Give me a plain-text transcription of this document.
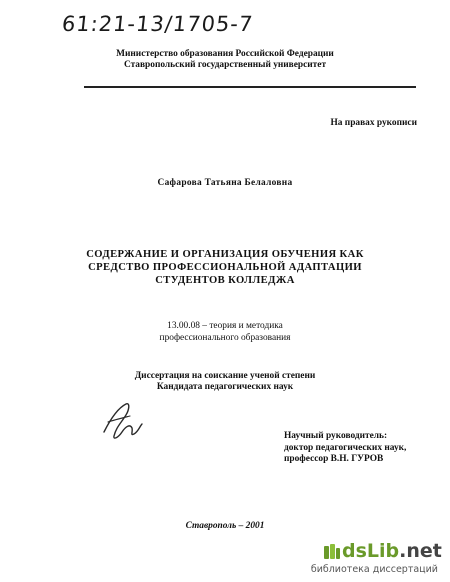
61:21-13/1705-7
Министерство образования Российской Федерации
Ставропольский государственный университет
На правах рукописи
Сафарова Татьяна Белаловна
СОДЕРЖАНИЕ И ОРГАНИЗАЦИЯ ОБУЧЕНИЯ КАК
СРЕДСТВО ПРОФЕССИОНАЛЬНОЙ АДАПТАЦИИ
СТУДЕНТОВ КОЛЛЕДЖА
13.00.08 – теория и методика
профессионального образования
Диссертация на соискание ученой степени
Кандидата педагогических наук
Научный руководитель:
доктор педагогических наук,
профессор В.Н. ГУРОВ
Ставрополь – 2001
dsLib.net
библиотека диссертаций
